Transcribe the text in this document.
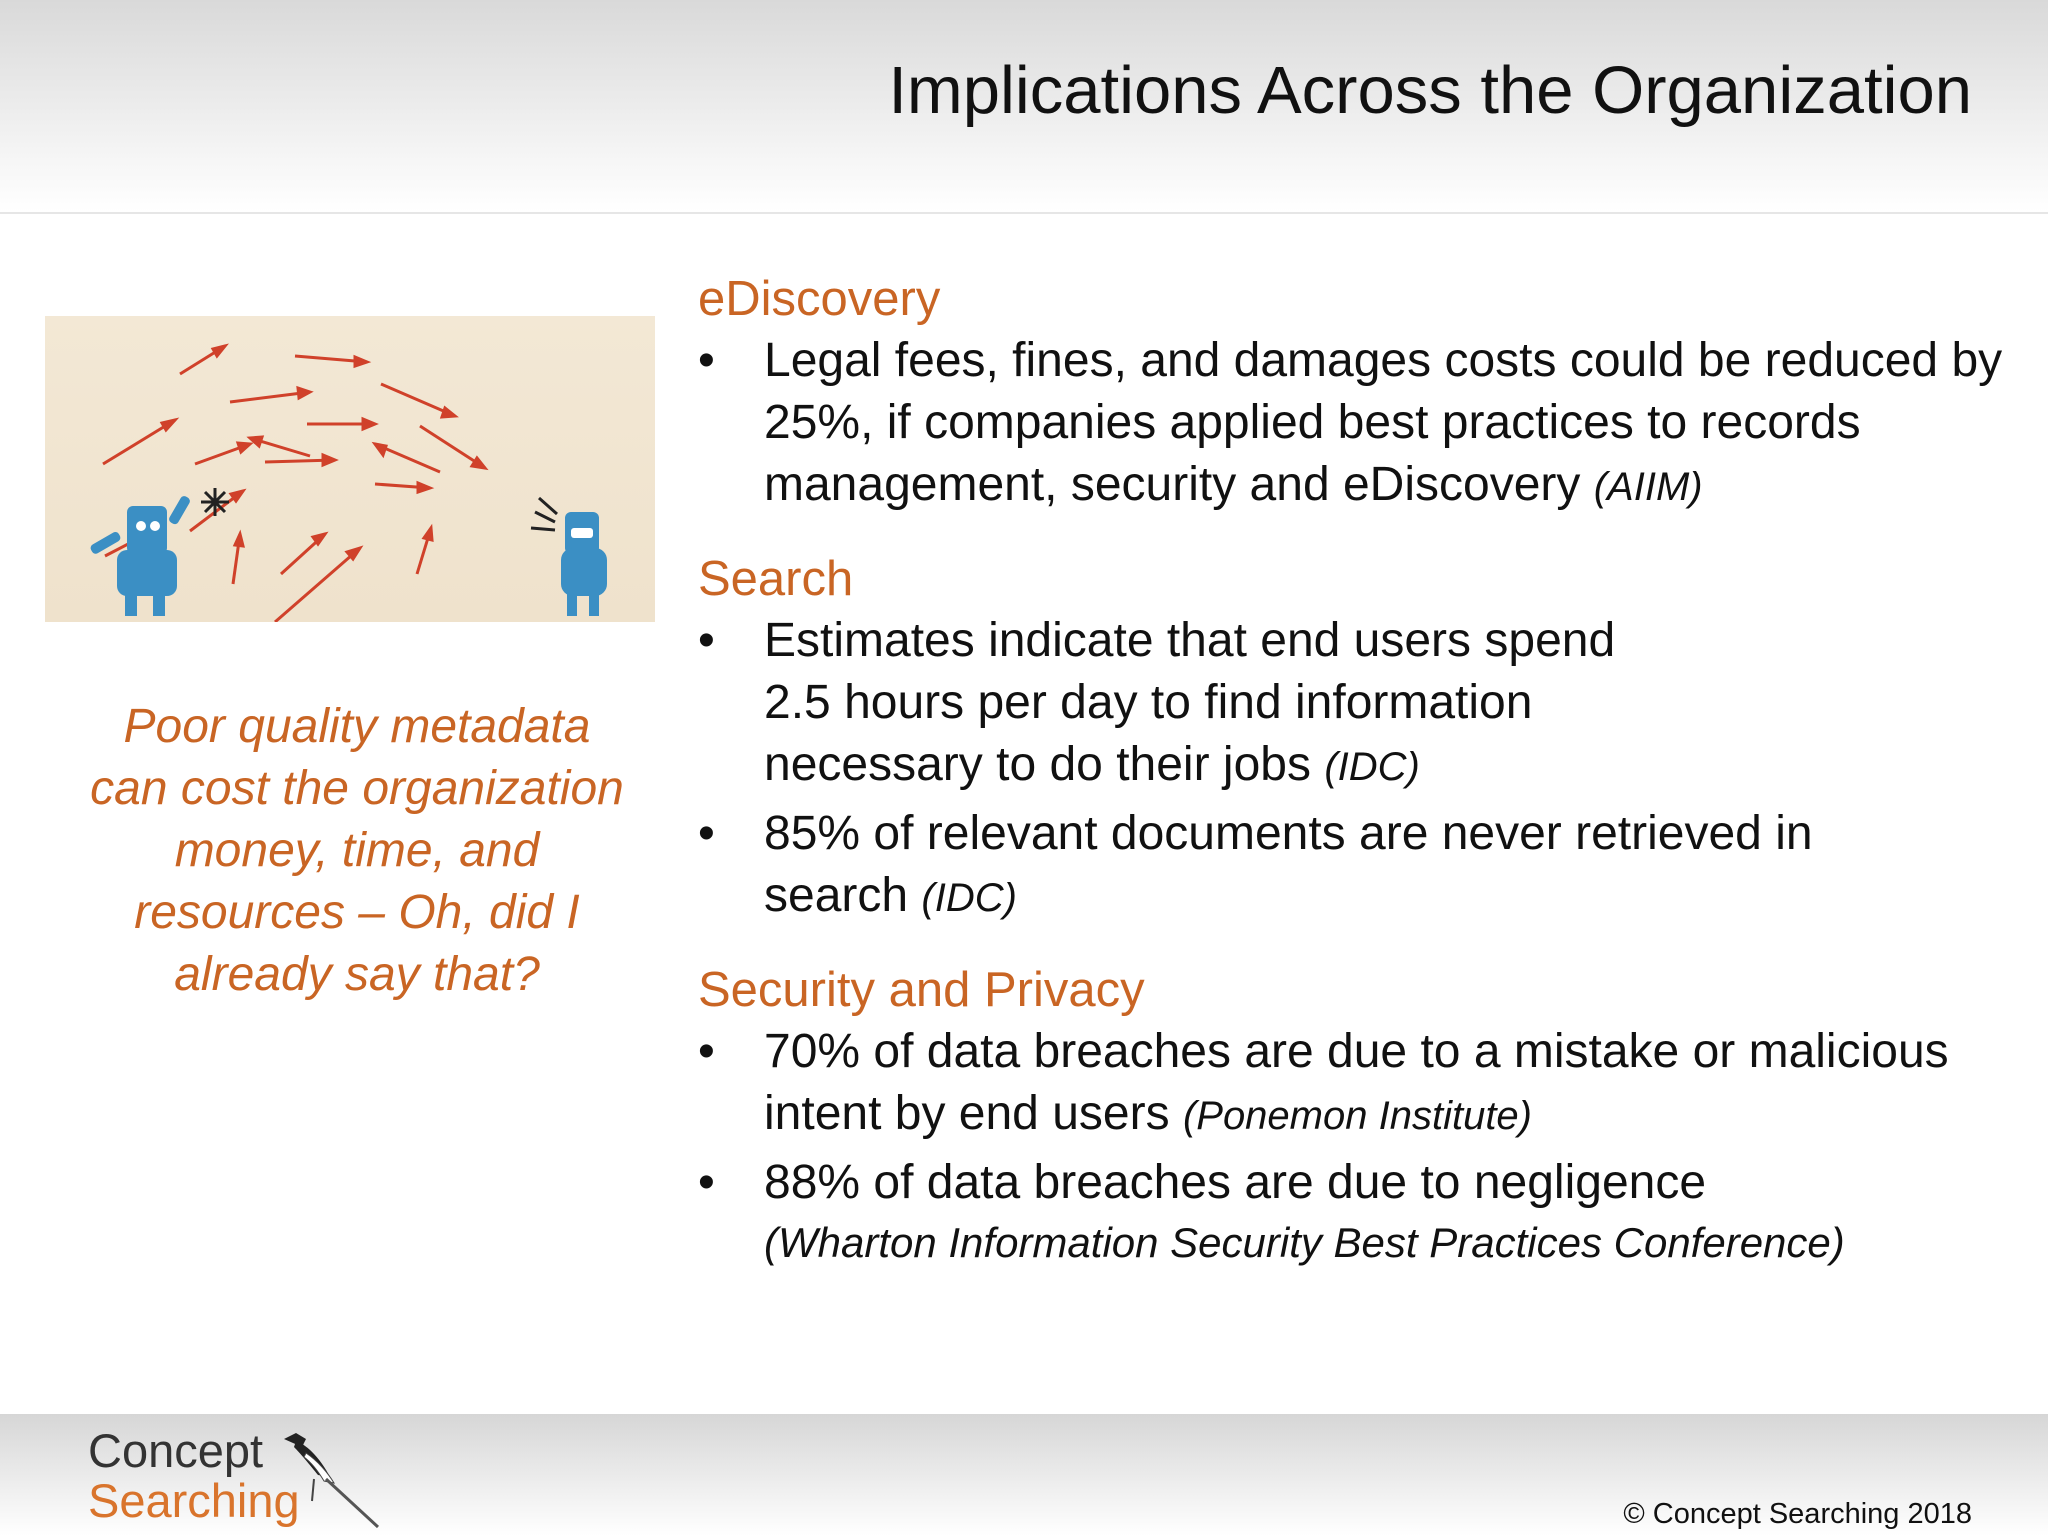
Implications Across the Organization
Poor quality metadata can cost the organization money, time, and resources – Oh, did I already say that?
eDiscovery
• Legal fees, fines, and damages costs could be reduced by 25%, if companies applied best practices to records management, security and eDiscovery (AIIM)
Search
• Estimates indicate that end users spend 2.5 hours per day to find information necessary to do their jobs (IDC)
• 85% of relevant documents are never retrieved in search (IDC)
Security and Privacy
• 70% of data breaches are due to a mistake or malicious intent by end users (Ponemon Institute)
• 88% of data breaches are due to negligence
(Wharton Information Security Best Practices Conference)
Concept
Searching	© Concept Searching 2018
